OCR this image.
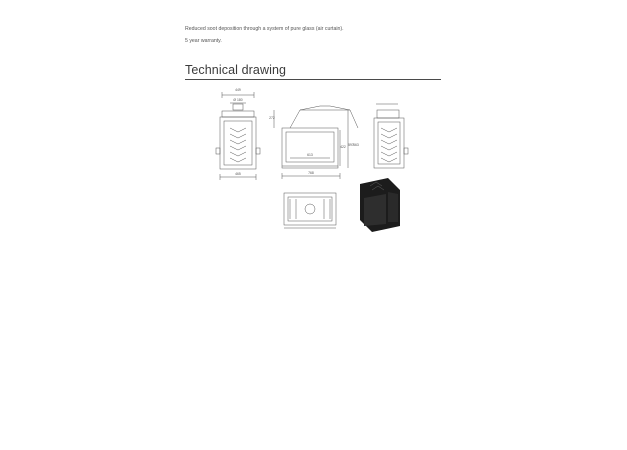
Reduced soot deposition through a system of pure glass (air curtain).

5 year warranty.

Technical drawing
449
Ø 180
465
272
768
613
422 597 663
